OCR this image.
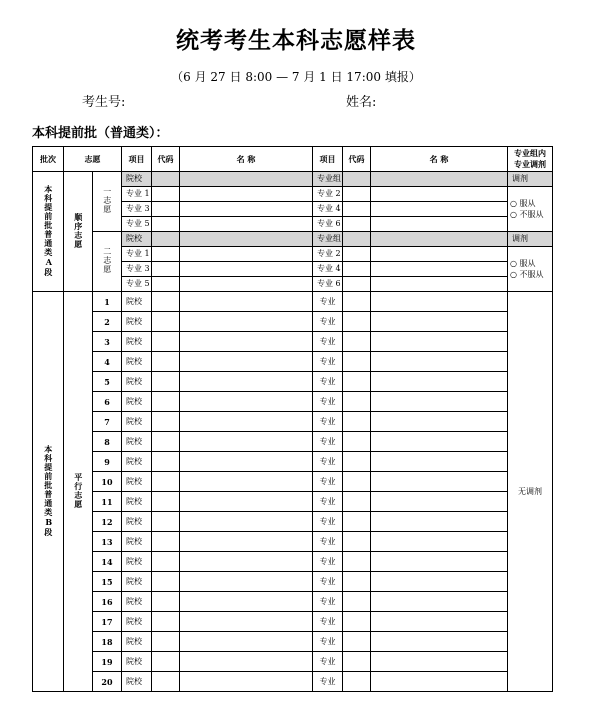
统考考生本科志愿样表
（6 月 27 日 8:00 — 7 月 1 日 17:00 填报）
考生号:	姓名:
本科提前批（普通类）：
批次	志愿		项目	代码	名 称	项目	代码	名 称	专业组内
专业调剂

本科提前批普通类A段	顺序志愿	一志愿	院校			专业组			调剂
			专业 1			专业 2			○ 服从
○ 不服从

			专业 3			专业 4			
			专业 5			专业 6			
		二志愿	院校			专业组			调剂
			专业 1			专业 2			○ 服从
○ 不服从

			专业 3			专业 4			
			专业 5			专业 6			
本科提前批普通类B段	平行志愿	1	院校			专业			无调剂
		2	院校			专业			
		3	院校			专业			
		4	院校			专业			
		5	院校			专业			
		6	院校			专业			
		7	院校			专业			
		8	院校			专业			
		9	院校			专业			
		10	院校			专业			
		11	院校			专业			
		12	院校			专业			
		13	院校			专业			
		14	院校			专业			
		15	院校			专业			
		16	院校			专业			
		17	院校			专业			
		18	院校			专业			
		19	院校			专业			
		20	院校			专业			
